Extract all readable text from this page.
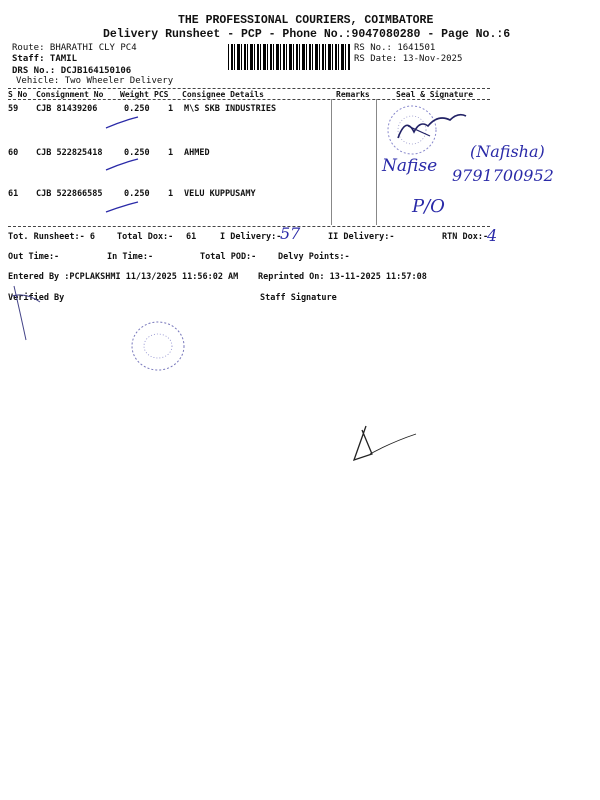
THE PROFESSIONAL COURIERS, COIMBATORE
Delivery Runsheet - PCP - Phone No.:9047080280 - Page No.:6
Route: BHARATHI CLY PC4
Staff: TAMIL
DRS No.: DCJB164150106
Vehicle: Two Wheeler Delivery
RS No.: 1641501
RS Date: 13-Nov-2025
S No Consignment No Weight PCS Consignee Details	Remarks	Seal & Signature
59 CJB 81439206	0.250 1 M\S SKB INDUSTRIES
60 CJB 522825418	0.250 1 AHMED
61 CJB 522866585	0.250 1 VELU KUPPUSAMY
Nafise
(Nafisha)
9791700952
P/O
Tot. Runsheet:- 6	Total Dox:- 61	I Delivery:-
57	II Delivery:-	RTN Dox:-
4
Out Time:-	In Time:-	Total POD:-	Delvy Points:-
Entered By :PCPLAKSHMI 11/13/2025 11:56:02 AM Reprinted On: 13-11-2025 11:57:08
Verified By	Staff Signature
